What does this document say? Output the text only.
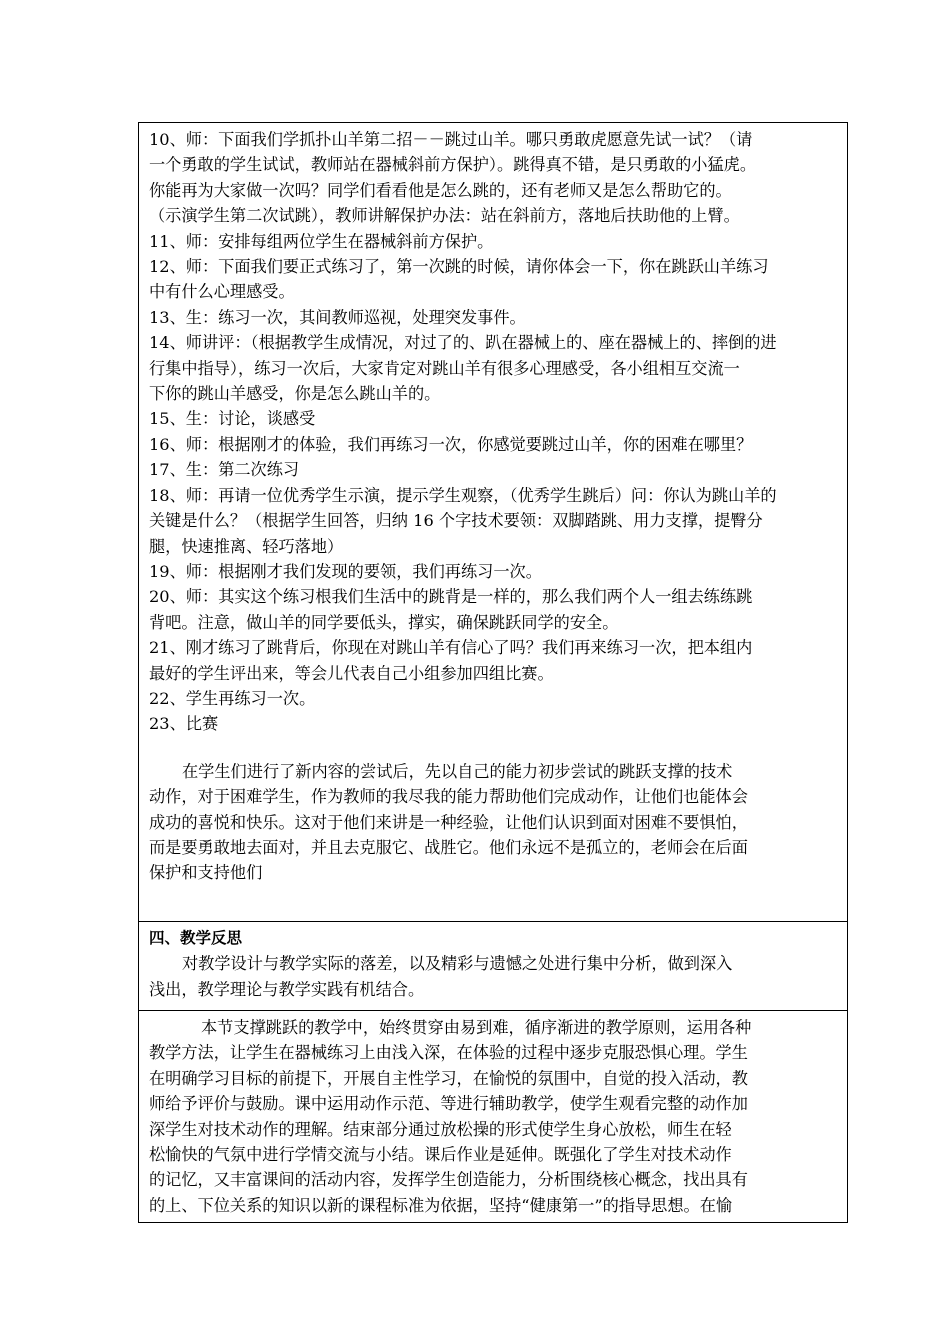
10、师：下面我们学抓扑山羊第二招－－跳过山羊。哪只勇敢虎愿意先试一试？（请
一个勇敢的学生试试，教师站在器械斜前方保护）。跳得真不错，是只勇敢的小猛虎。
你能再为大家做一次吗？同学们看看他是怎么跳的，还有老师又是怎么帮助它的。
（示演学生第二次试跳），教师讲解保护办法：站在斜前方，落地后扶助他的上臂。
11、师：安排每组两位学生在器械斜前方保护。
12、师：下面我们要正式练习了，第一次跳的时候，请你体会一下，你在跳跃山羊练习
中有什么心理感受。
13、生：练习一次，其间教师巡视，处理突发事件。
14、师讲评：（根据教学生成情况，对过了的、趴在器械上的、座在器械上的、摔倒的进
行集中指导），练习一次后，大家肯定对跳山羊有很多心理感受，各小组相互交流一
下你的跳山羊感受，你是怎么跳山羊的。
15、生：讨论，谈感受
16、师：根据刚才的体验，我们再练习一次，你感觉要跳过山羊，你的困难在哪里？
17、生：第二次练习
18、师：再请一位优秀学生示演，提示学生观察，（优秀学生跳后）问：你认为跳山羊的
关键是什么？（根据学生回答，归纳 16 个字技术要领：双脚踏跳、用力支撑，提臀分
腿，快速推离、轻巧落地）
19、师：根据刚才我们发现的要领，我们再练习一次。
20、师：其实这个练习根我们生活中的跳背是一样的，那么我们两个人一组去练练跳
背吧。注意，做山羊的同学要低头，撑实，确保跳跃同学的安全。
21、刚才练习了跳背后，你现在对跳山羊有信心了吗？我们再来练习一次，把本组内
最好的学生评出来，等会儿代表自己小组参加四组比赛。
22、学生再练习一次。
23、比赛
在学生们进行了新内容的尝试后，先以自己的能力初步尝试的跳跃支撑的技术
动作，对于困难学生，作为教师的我尽我的能力帮助他们完成动作，让他们也能体会
成功的喜悦和快乐。这对于他们来讲是一种经验，让他们认识到面对困难不要惧怕，
而是要勇敢地去面对，并且去克服它、战胜它。他们永远不是孤立的，老师会在后面
保护和支持他们

四、教学反思
对教学设计与教学实际的落差，以及精彩与遗憾之处进行集中分析，做到深入
浅出，教学理论与教学实践有机结合。

本节支撑跳跃的教学中，始终贯穿由易到难，循序渐进的教学原则，运用各种
教学方法，让学生在器械练习上由浅入深，在体验的过程中逐步克服恐惧心理。学生
在明确学习目标的前提下，开展自主性学习，在愉悦的氛围中，自觉的投入活动，教
师给予评价与鼓励。课中运用动作示范、等进行辅助教学，使学生观看完整的动作加
深学生对技术动作的理解。结束部分通过放松操的形式使学生身心放松，师生在轻
松愉快的气氛中进行学情交流与小结。课后作业是延伸。既强化了学生对技术动作
的记忆，又丰富课间的活动内容，发挥学生创造能力，分析围绕核心概念，找出具有
的上、下位关系的知识以新的课程标准为依据，坚持“健康第一”的指导思想。在愉
